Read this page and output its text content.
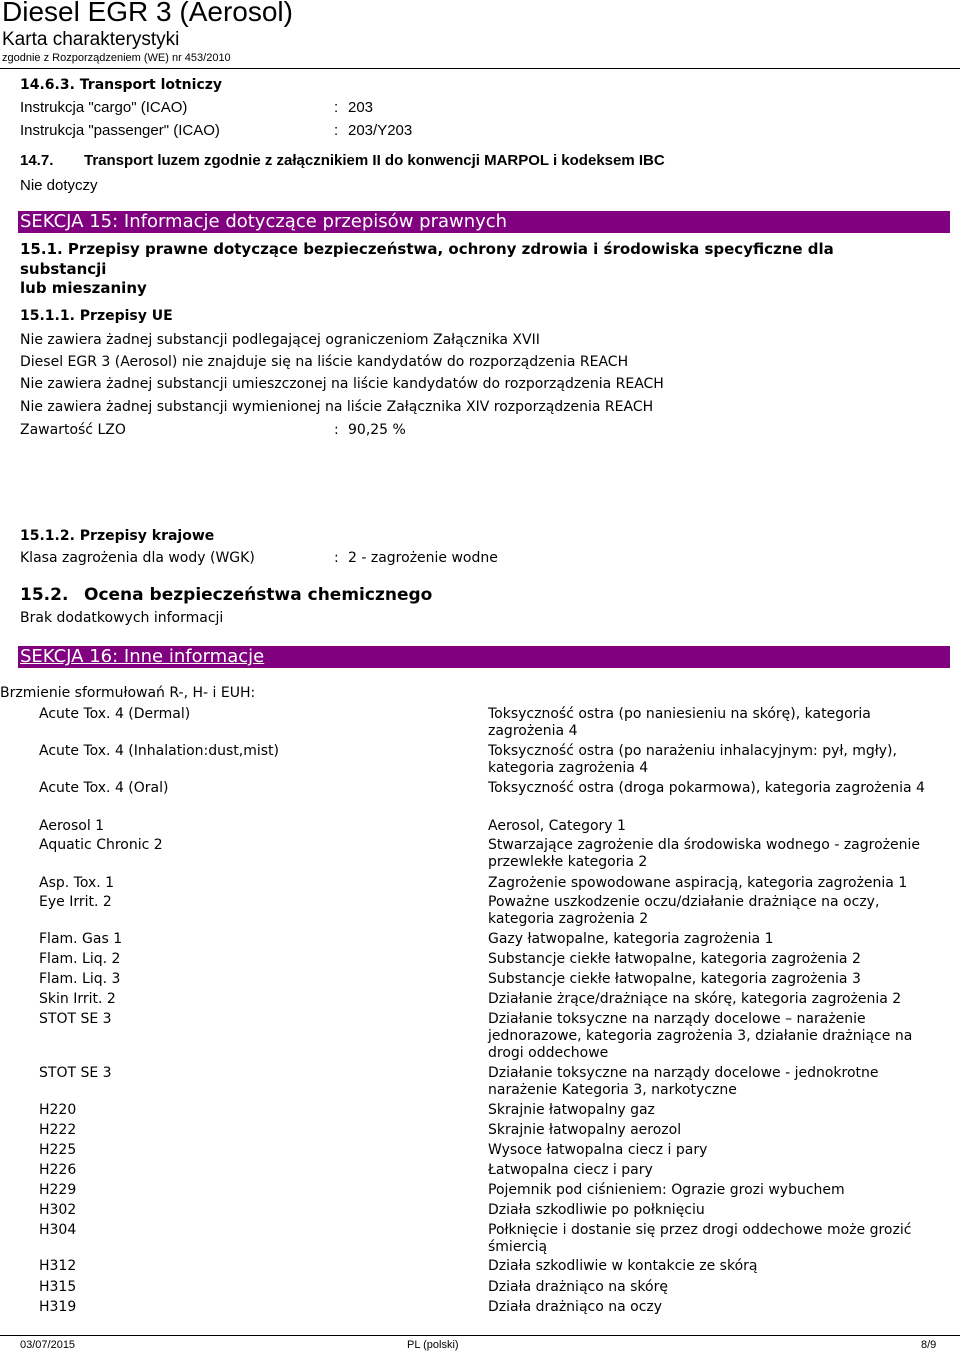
Diesel EGR 3 (Aerosol)
Karta charakterystyki
zgodnie z Rozporządzeniem (WE) nr 453/2010
14.6.3. Transport lotniczy
Instrukcja "cargo" (ICAO)	: 203
Instrukcja "passenger" (ICAO)	: 203/Y203
14.7. Transport luzem zgodnie z załącznikiem II do konwencji MARPOL i kodeksem IBC
Nie dotyczy
SEKCJA 15: Informacje dotyczące przepisów prawnych
15.1. Przepisy prawne dotyczące bezpieczeństwa, ochrony zdrowia i środowiska specyficzne dla
substancji
lub mieszaniny
15.1.1. Przepisy UE
Nie zawiera żadnej substancji podlegającej ograniczeniom Załącznika XVII
Diesel EGR 3 (Aerosol) nie znajduje się na liście kandydatów do rozporządzenia REACH
Nie zawiera żadnej substancji umieszczonej na liście kandydatów do rozporządzenia REACH
Nie zawiera żadnej substancji wymienionej na liście Załącznika XIV rozporządzenia REACH
Zawartość LZO	: 90,25 %
15.1.2. Przepisy krajowe
Klasa zagrożenia dla wody (WGK)	: 2 - zagrożenie wodne
15.2. Ocena bezpieczeństwa chemicznego
Brak dodatkowych informacji
SEKCJA 16: Inne informacje
Brzmienie sformułowań R-, H- i EUH:
Acute Tox. 4 (Dermal)	Toksyczność ostra (po naniesieniu na skórę), kategoria zagrożenia 4
Acute Tox. 4 (Inhalation:dust,mist)	Toksyczność ostra (po narażeniu inhalacyjnym: pył, mgły), kategoria zagrożenia 4
Acute Tox. 4 (Oral)	Toksyczność ostra (droga pokarmowa), kategoria zagrożenia 4
Aerosol 1	Aerosol, Category 1
Aquatic Chronic 2	Stwarzające zagrożenie dla środowiska wodnego - zagrożenie przewlekłe kategoria 2
Asp. Tox. 1	Zagrożenie spowodowane aspiracją, kategoria zagrożenia 1
Eye Irrit. 2	Poważne uszkodzenie oczu/działanie drażniące na oczy, kategoria zagrożenia 2
Flam. Gas 1	Gazy łatwopalne, kategoria zagrożenia 1
Flam. Liq. 2	Substancje ciekłe łatwopalne, kategoria zagrożenia 2
Flam. Liq. 3	Substancje ciekłe łatwopalne, kategoria zagrożenia 3
Skin Irrit. 2	Działanie żrące/drażniące na skórę, kategoria zagrożenia 2
STOT SE 3	Działanie toksyczne na narządy docelowe – narażenie jednorazowe, kategoria zagrożenia 3, działanie drażniące na drogi oddechowe
STOT SE 3	Działanie toksyczne na narządy docelowe - jednokrotne narażenie Kategoria 3, narkotyczne
H220	Skrajnie łatwopalny gaz
H222	Skrajnie łatwopalny aerozol
H225	Wysoce łatwopalna ciecz i pary
H226	Łatwopalna ciecz i pary
H229	Pojemnik pod ciśnieniem: Ograzie grozi wybuchem
H302	Działa szkodliwie po połknięciu
H304	Połknięcie i dostanie się przez drogi oddechowe może grozić śmiercią
H312	Działa szkodliwie w kontakcie ze skórą
H315	Działa drażniąco na skórę
H319	Działa drażniąco na oczy
03/07/2015	PL (polski)	8/9
